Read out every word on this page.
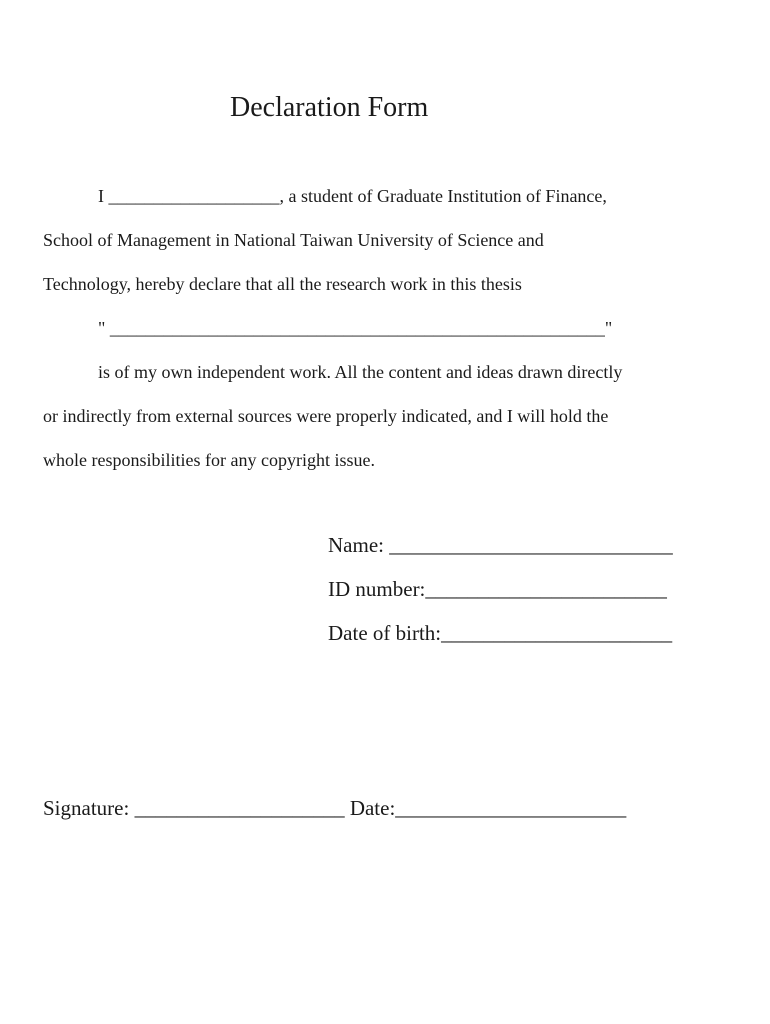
Declaration Form
I ___________________, a student of Graduate Institution of Finance,
School of Management in National Taiwan University of Science and
Technology, hereby declare that all the research work in this thesis
" _______________________________________________________"
is of my own independent work. All the content and ideas drawn directly
or indirectly from external sources were properly indicated, and I will hold the
whole responsibilities for any copyright issue.
Name: ___________________________
ID number:_______________________
Date of birth:______________________
Signature: ____________________ Date:______________________
